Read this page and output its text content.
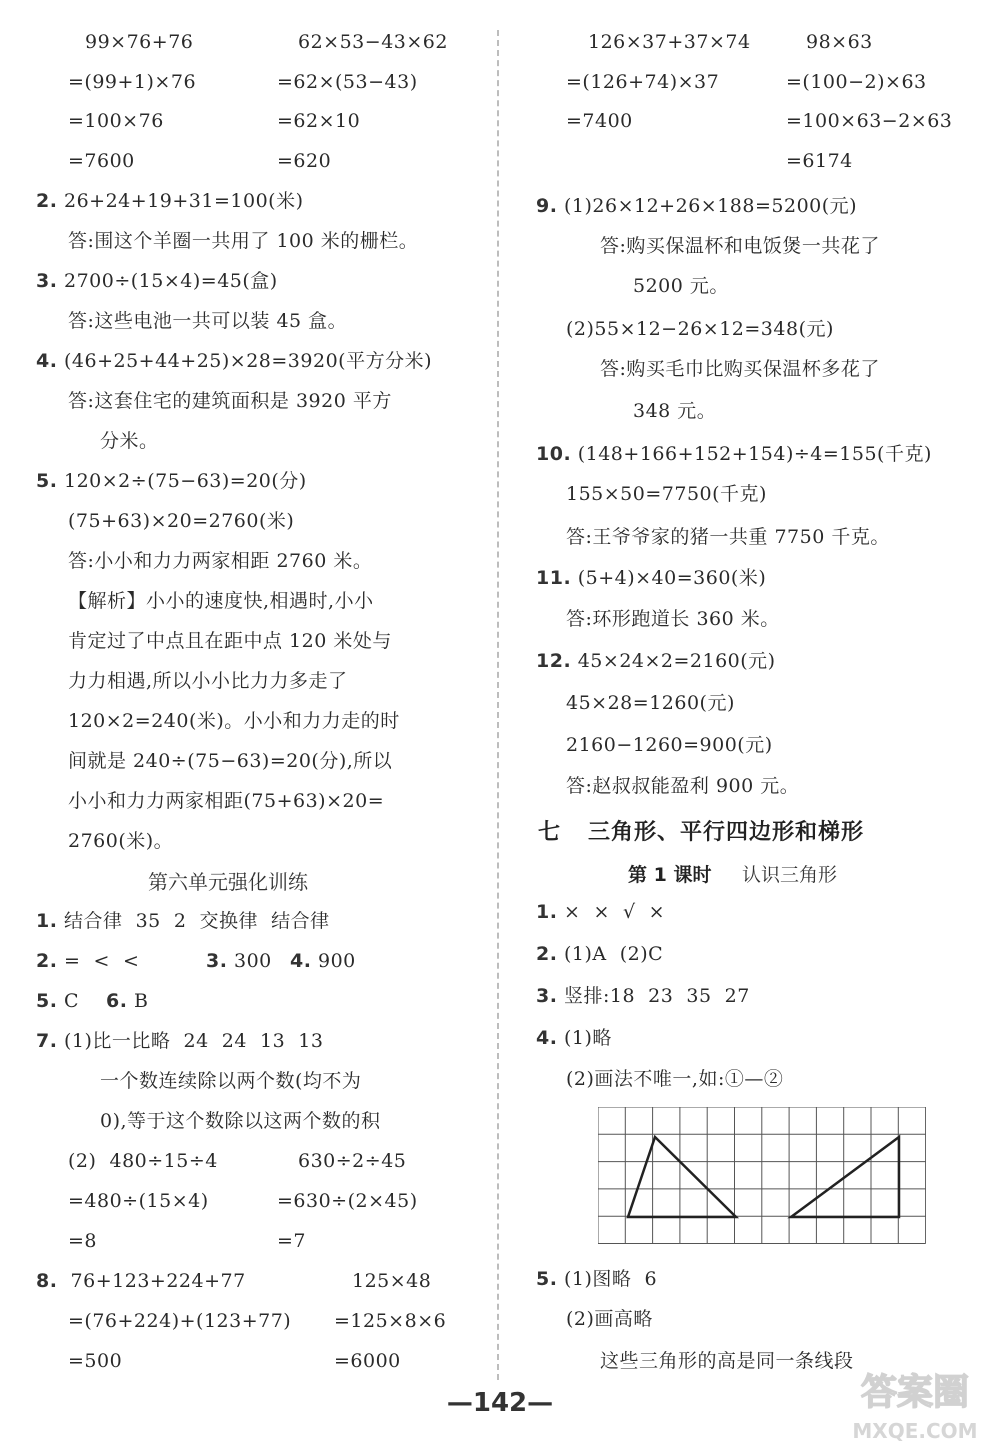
99×76+76	62×53−43×62
=(99+1)×76	=62×(53−43)
=100×76	=62×10
=7600	=620
2. 26+24+19+31=100(米)
答:围这个羊圈一共用了 100 米的栅栏。
3. 2700÷(15×4)=45(盒)
答:这些电池一共可以装 45 盒。
4. (46+25+44+25)×28=3920(平方分米)
答:这套住宅的建筑面积是 3920 平方
分米。
5. 120×2÷(75−63)=20(分)
(75+63)×20=2760(米)
答:小小和力力两家相距 2760 米。
【解析】小小的速度快,相遇时,小小
肯定过了中点且在距中点 120 米处与
力力相遇,所以小小比力力多走了
120×2=240(米)。小小和力力走的时
间就是 240÷(75−63)=20(分),所以
小小和力力两家相距(75+63)×20=
2760(米)。
1. 结合律  35  2  交换律  结合律
2. =  <  <	3. 300 4. 900
5. C 6. B
7. (1)比一比略  24  24  13  13
一个数连续除以两个数(均不为
0),等于这个数除以这两个数的积
(2)  480÷15÷4	630÷2÷45
=480÷(15×4)	=630÷(2×45)
=8	=7
8.  76+123+224+77	125×48
=(76+224)+(123+77) =125×8×6
=500	=6000
126×37+37×74	98×63
=(126+74)×37	=(100−2)×63
=7400	=100×63−2×63
=6174
9. (1)26×12+26×188=5200(元)
答:购买保温杯和电饭煲一共花了
5200 元。
(2)55×12−26×12=348(元)
答:购买毛巾比购买保温杯多花了
348 元。
10. (148+166+152+154)÷4=155(千克)
155×50=7750(千克)
答:王爷爷家的猪一共重 7750 千克。
11. (5+4)×40=360(米)
答:环形跑道长 360 米。
12. 45×24×2=2160(元)
45×28=1260(元)
2160−1260=900(元)
答:赵叔叔能盈利 900 元。
1. ×  ×  √  ×
2. (1)A  (2)C
3. 竖排:18  23  35  27
4. (1)略
(2)画法不唯一,如:①—②
5. (1)图略  6
(2)画高略
这些三角形的高是同一条线段
第六单元强化训练
七 三角形、平行四边形和梯形
第 1 课时 认识三角形
—142—	答案圈
MXQE.COM
